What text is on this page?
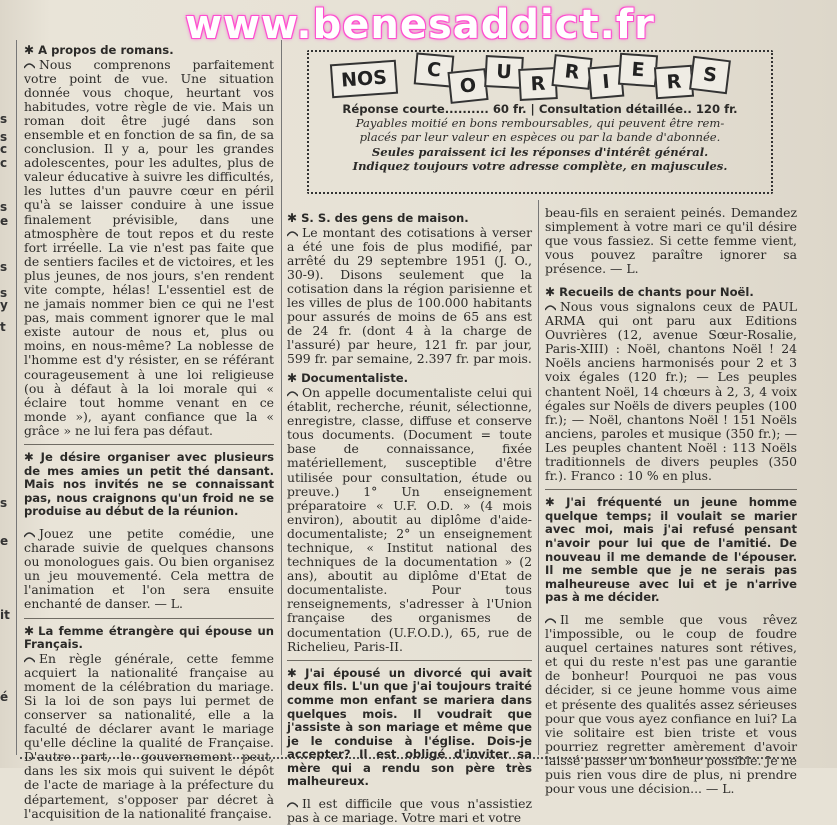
www.benesaddict.fr
s
s
c
c
s
e
s
s
y
t
s
e
it
é
NOS C
O
U
R
R I
E
R S

Réponse courte.......... 60 fr. | Consultation détaillée.. 120 fr.

Payables moitié en bons remboursables, qui peuvent être rem-

placés par leur valeur en espèces ou par la bande d'abonnée.

Seules paraissent ici les réponses d'intérêt général.

Indiquez toujours votre adresse complète, en majuscules.

✱ A propos de romans.

Nous comprenons parfaitement votre point de vue. Une situation donnée vous choque, heurtant vos habitudes, votre règle de vie. Mais un roman doit être jugé dans son ensemble et en fonction de sa fin, de sa conclusion. Il y a, pour les grandes adolescentes, pour les adultes, plus de valeur éducative à suivre les difficultés, les luttes d'un pauvre cœur en péril qu'à se laisser conduire à une issue finalement prévisible, dans une atmosphère de tout repos et du reste fort irréelle. La vie n'est pas faite que de sentiers faciles et de victoires, et les plus jeunes, de nos jours, s'en rendent vite compte, hélas! L'essentiel est de ne jamais nommer bien ce qui ne l'est pas, mais comment ignorer que le mal existe autour de nous et, plus ou moins, en nous-même? La noblesse de l'homme est d'y résister, en se référant courageusement à une loi religieuse (ou à défaut à la loi morale qui « éclaire tout homme venant en ce monde »), ayant confiance que la « grâce » ne lui fera pas défaut.

✱ Je désire organiser avec plusieurs de mes amies un petit thé dansant. Mais nos invités ne se connaissant pas, nous craignons qu'un froid ne se produise au début de la réunion.

Jouez une petite comédie, une charade suivie de quelques chansons ou monologues gais. Ou bien organisez un jeu mouvementé. Cela mettra de l'animation et l'on sera ensuite enchanté de danser. — L.

✱ La femme étrangère qui épouse un Français.

En règle générale, cette femme acquiert la nationalité française au moment de la célébration du mariage. Si la loi de son pays lui permet de conserver sa nationalité, elle a la faculté de déclarer avant le mariage qu'elle décline la qualité de Française. D'autre part, le gouvernement peut, dans les six mois qui suivent le dépôt de l'acte de mariage à la préfecture du département, s'opposer par décret à l'acquisition de la nationalité française.

✱ S. S. des gens de maison.

Le montant des cotisations à verser a été une fois de plus modifié, par arrêté du 29 septembre 1951 (J. O., 30-9). Disons seulement que la cotisation dans la région parisienne et les villes de plus de 100.000 habitants pour assurés de moins de 65 ans est de 24 fr. (dont 4 à la charge de l'assuré) par heure, 121 fr. par jour, 599 fr. par semaine, 2.397 fr. par mois.

✱ Documentaliste.

On appelle documentaliste celui qui établit, recherche, réunit, sélectionne, enregistre, classe, diffuse et conserve tous documents. (Document = toute base de connaissance, fixée matériellement, susceptible d'être utilisée pour consultation, étude ou preuve.) 1° Un enseignement préparatoire « U.F. O.D. » (4 mois environ), aboutit au diplôme d'aide-documentaliste; 2° un enseignement technique, « Institut national des techniques de la documentation » (2 ans), aboutit au diplôme d'Etat de documentaliste. Pour tous renseignements, s'adresser à l'Union française des organismes de documentation (U.F.O.D.), 65, rue de Richelieu, Paris-II.

✱ J'ai épousé un divorcé qui avait deux fils. L'un que j'ai toujours traité comme mon enfant se mariera dans quelques mois. Il voudrait que j'assiste à son mariage et même que je le conduise à l'église. Dois-je accepter? Il est obligé d'inviter sa mère qui a rendu son père très malheureux.

Il est difficile que vous n'assistiez pas à ce mariage. Votre mari et votre

beau-fils en seraient peinés. Demandez simplement à votre mari ce qu'il désire que vous fassiez. Si cette femme vient, vous pouvez paraître ignorer sa présence. — L.

✱ Recueils de chants pour Noël.

Nous vous signalons ceux de PAUL ARMA qui ont paru aux Editions Ouvrières (12, avenue Sœur-Rosalie, Paris-XIII) : Noël, chantons Noël ! 24 Noëls anciens harmonisés pour 2 et 3 voix égales (120 fr.); — Les peuples chantent Noël, 14 chœurs à 2, 3, 4 voix égales sur Noëls de divers peuples (100 fr.); — Noël, chantons Noël ! 151 Noëls anciens, paroles et musique (350 fr.); — Les peuples chantent Noël : 113 Noëls traditionnels de divers peuples (350 fr.). Franco : 10 % en plus.

✱ J'ai fréquenté un jeune homme quelque temps; il voulait se marier avec moi, mais j'ai refusé pensant n'avoir pour lui que de l'amitié. De nouveau il me demande de l'épouser. Il me semble que je ne serais pas malheureuse avec lui et je n'arrive pas à me décider.

Il me semble que vous rêvez l'impossible, ou le coup de foudre auquel certaines natures sont rétives, et qui du reste n'est pas une garantie de bonheur! Pourquoi ne pas vous décider, si ce jeune homme vous aime et présente des qualités assez sérieuses pour que vous ayez confiance en lui? La vie solitaire est bien triste et vous pourriez regretter amèrement d'avoir laissé passer un bonheur possible. Je ne puis rien vous dire de plus, ni prendre pour vous une décision... — L.
